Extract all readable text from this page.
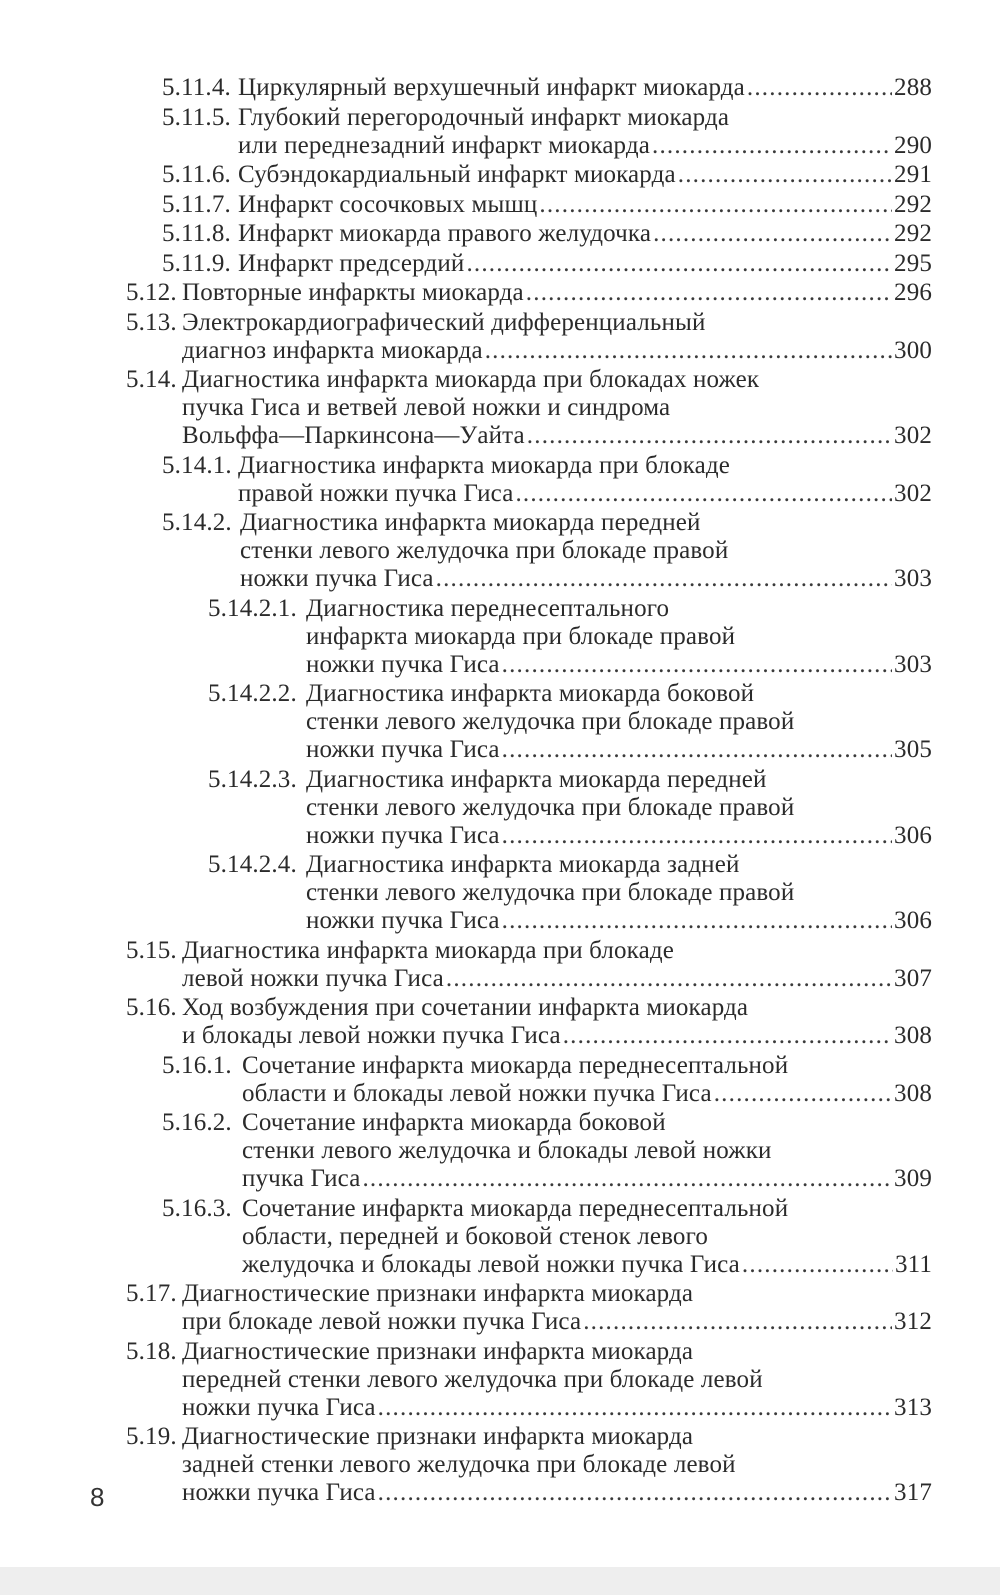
5.11.4. Циркулярный верхушечный инфаркт миокарда .....	288
5.11.5. Глубокий перегородочный инфаркт миокарда
или переднезадний инфаркт миокарда .....	290
5.11.6. Субэндокардиальный инфаркт миокарда .....	291
5.11.7. Инфаркт сосочковых мышц .....	292
5.11.8. Инфаркт миокарда правого желудочка .....	292
5.11.9. Инфаркт предсердий .....	295
5.12. Повторные инфаркты миокарда .....	296
5.13. Электрокардиографический дифференциальный
диагноз инфаркта миокарда .....	300
5.14. Диагностика инфаркта миокарда при блокадах ножек
пучка Гиса и ветвей левой ножки и синдрома
Вольффа—Паркинсона—Уайта .....	302
5.14.1. Диагностика инфаркта миокарда при блокаде
правой ножки пучка Гиса .....	302
5.14.2. Диагностика инфаркта миокарда передней
стенки левого желудочка при блокаде правой
ножки пучка Гиса .....	303
5.14.2.1. Диагностика переднесептального
инфаркта миокарда при блокаде правой
ножки пучка Гиса .....	303
5.14.2.2. Диагностика инфаркта миокарда боковой
стенки левого желудочка при блокаде правой
ножки пучка Гиса .....	305
5.14.2.3. Диагностика инфаркта миокарда передней
стенки левого желудочка при блокаде правой
ножки пучка Гиса .....	306
5.14.2.4. Диагностика инфаркта миокарда задней
стенки левого желудочка при блокаде правой
ножки пучка Гиса .....	306
5.15. Диагностика инфаркта миокарда при блокаде
левой ножки пучка Гиса .....	307
5.16. Ход возбуждения при сочетании инфаркта миокарда
и блокады левой ножки пучка Гиса .....	308
5.16.1. Сочетание инфаркта миокарда переднесептальной
области и блокады левой ножки пучка Гиса .....	308
5.16.2. Сочетание инфаркта миокарда боковой
стенки левого желудочка и блокады левой ножки
пучка Гиса .....	309
5.16.3. Сочетание инфаркта миокарда переднесептальной
области, передней и боковой стенок левого
желудочка и блокады левой ножки пучка Гиса .....	311
5.17. Диагностические признаки инфаркта миокарда
при блокаде левой ножки пучка Гиса .....	312
5.18. Диагностические признаки инфаркта миокарда
передней стенки левого желудочка при блокаде левой
ножки пучка Гиса .....	313
5.19. Диагностические признаки инфаркта миокарда
задней стенки левого желудочка при блокаде левой
ножки пучка Гиса .....	317
8
